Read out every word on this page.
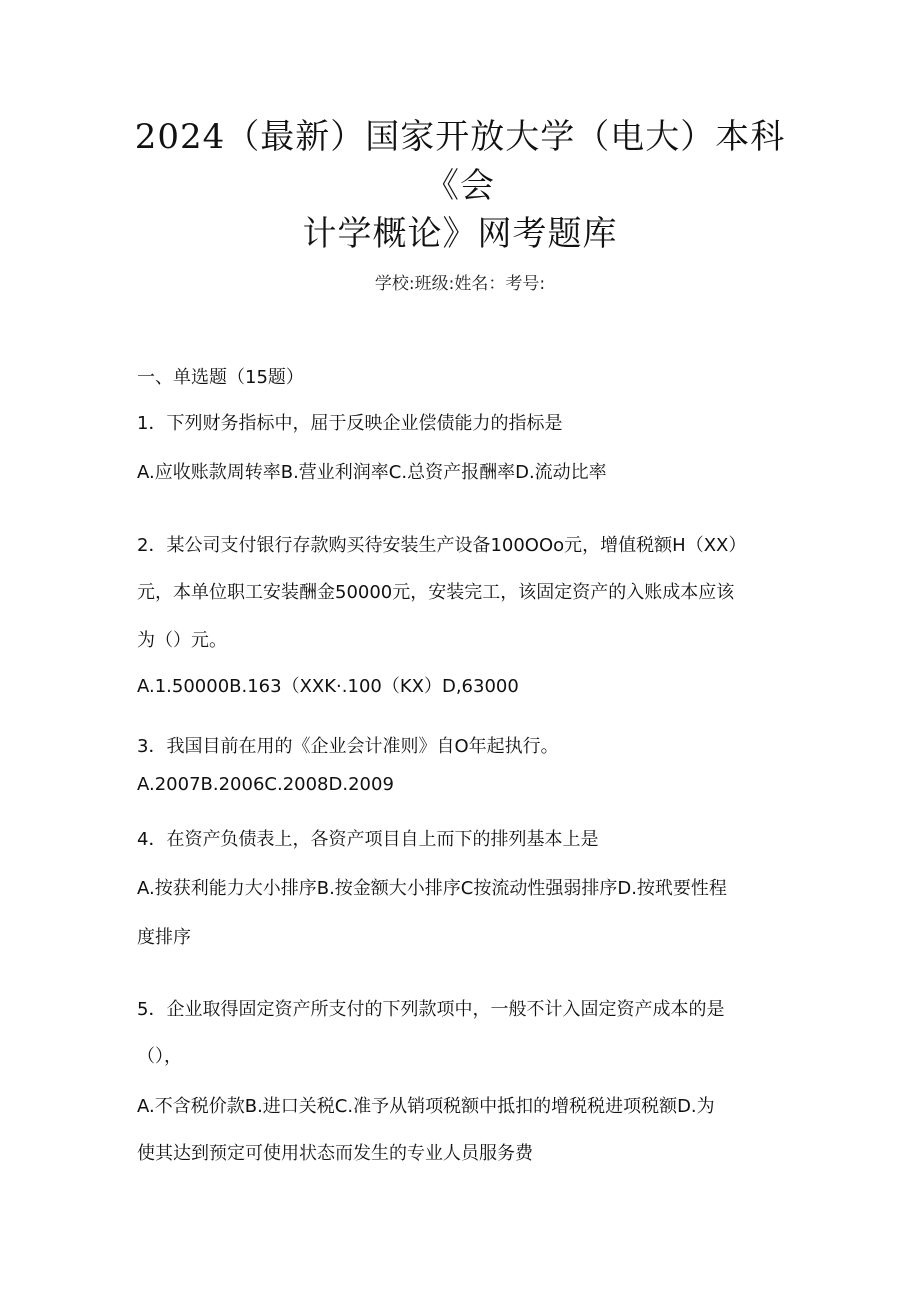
2024（最新）国家开放大学（电大）本科
《会
计学概论》网考题库
学校:班级:姓名：考号:
一、单选题（15题）
1．下列财务指标中，屈于反映企业偿债能力的指标是
A.应收账款周转率B.营业利润率C.总资产报酬率D.流动比率
2．某公司支付银行存款购买待安装生产设备100OOo元，增值税额H（XX）
元，本单位职工安装酬金50000元，安装完工，该固定资产的入账成本应该
为（）元。
A.1.50000B.163（XXK·.100（KX）D,63000
3．我国目前在用的《企业会计准则》自O年起执行。
A.2007B.2006C.2008D.2009
4．在资产负债表上，各资产项目自上而下的排列基本上是
A.按获利能力大小排序B.按金额大小排序C按流动性强弱排序D.按玳要性程
度排序
5．企业取得固定资产所支付的下列款项中，一般不计入固定资产成本的是
（），
A.不含税价款B.进口关税C.准予从销项税额中抵扣的增税税进项税额D.为
使其达到预定可使用状态而发生的专业人员服务费
